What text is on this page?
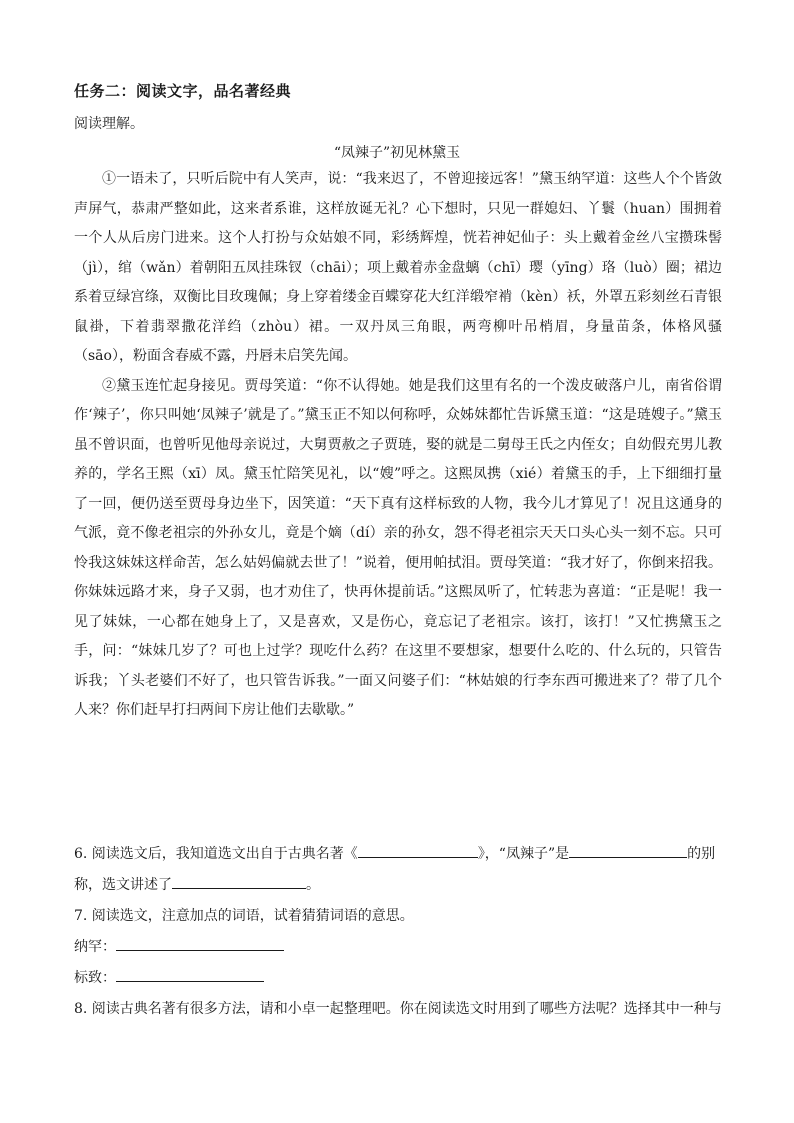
任务二：阅读文字，品名著经典
阅读理解。
“凤辣子”初见林黛玉

①一语未了，只听后院中有人笑声，说：“我来迟了，不曾迎接远客！”黛玉纳罕道：这些人个个皆敛声屏气，恭肃严整如此，这来者系谁，这样放诞无礼？心下想时，只见一群媳妇、丫鬟（huan）围拥着一个人从后房门进来。这个人打扮与众姑娘不同，彩绣辉煌，恍若神妃仙子：头上戴着金丝八宝攒珠髻（jì），绾（wǎn）着朝阳五凤挂珠钗（chāi）；项上戴着赤金盘螭（chī）璎（yīng）珞（luò）圈；裙边系着豆绿宫绦，双衡比目玫瑰佩；身上穿着缕金百蝶穿花大红洋缎窄褃（kèn）袄，外罩五彩刻丝石青银鼠褂，下着翡翠撒花洋绉（zhòu）裙。一双丹凤三角眼，两弯柳叶吊梢眉，身量苗条，体格风骚（sāo），粉面含春威不露，丹唇未启笑先闻。

②黛玉连忙起身接见。贾母笑道：“你不认得她。她是我们这里有名的一个泼皮破落户儿，南省俗谓作‘辣子’，你只叫她‘凤辣子’就是了。”黛玉正不知以何称呼，众姊妹都忙告诉黛玉道：“这是琏嫂子。”黛玉虽不曾识面，也曾听见他母亲说过，大舅贾赦之子贾琏，娶的就是二舅母王氏之内侄女；自幼假充男儿教养的，学名王熙（xī）凤。黛玉忙陪笑见礼，以“嫂”呼之。这熙凤携（xié）着黛玉的手，上下细细打量了一回，便仍送至贾母身边坐下，因笑道：“天下真有这样标致的人物，我今儿才算见了！况且这通身的气派，竟不像老祖宗的外孙女儿，竟是个嫡（dí）亲的孙女，怨不得老祖宗天天口头心头一刻不忘。只可怜我这妹妹这样命苦，怎么姑妈偏就去世了！”说着，便用帕拭泪。贾母笑道：“我才好了，你倒来招我。你妹妹远路才来，身子又弱，也才劝住了，快再休提前话。”这熙凤听了，忙转悲为喜道：“正是呢！我一见了妹妹，一心都在她身上了，又是喜欢，又是伤心，竟忘记了老祖宗。该打，该打！”又忙携黛玉之手，问：“妹妹几岁了？可也上过学？现吃什么药？在这里不要想家，想要什么吃的、什么玩的，只管告诉我；丫头老婆们不好了，也只管告诉我。”一面又问婆子们：“林姑娘的行李东西可搬进来了？带了几个人来？你们赶早打扫两间下房让他们去歇歇。”

6. 阅读选文后，我知道选文出自于古典名著《	》，“凤辣子”是	的别

称，选文讲述了	。

7. 阅读选文，注意加点的词语，试着猜猜词语的意思。

纳罕：

标致：

8. 阅读古典名著有很多方法，请和小卓一起整理吧。你在阅读选文时用到了哪些方法呢？选择其中一种与
